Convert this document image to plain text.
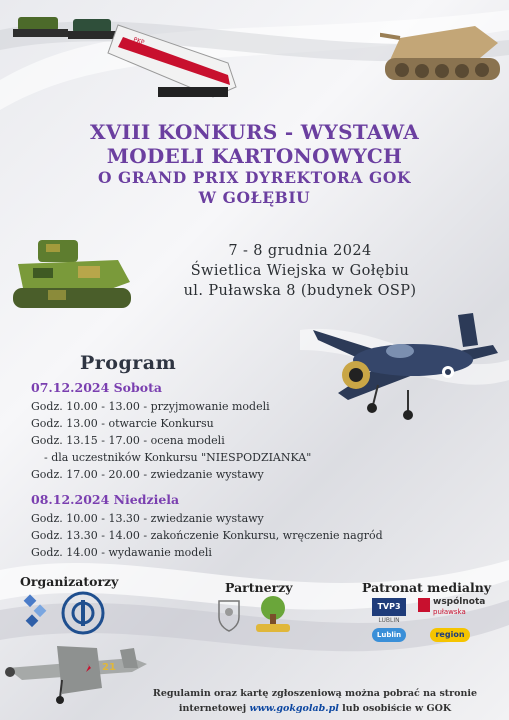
PKP
XVIII KONKURS - WYSTAWA
MODELI KARTONOWYCH
O GRAND PRIX DYREKTORA GOK
W GOŁĘBIU
7 - 8 grudnia 2024
Świetlica Wiejska w Gołębiu
ul. Puławska 8 (budynek OSP)
Program
07.12.2024 Sobota
Godz. 10.00 - 13.00 - przyjmowanie modeli
Godz. 13.00 - otwarcie Konkursu
Godz. 13.15 - 17.00 - ocena modeli
- dla uczestników Konkursu "NIESPODZIANKA"
Godz. 17.00 - 20.00 - zwiedzanie wystawy
08.12.2024 Niedziela
Godz. 10.00 - 13.30 - zwiedzanie wystawy
Godz. 13.30 - 14.00 - zakończenie Konkursu, wręczenie nagród
Godz. 14.00 - wydawanie modeli
Organizatorzy	Partnerzy	Patronat medialny
TVP3
LUBLIN
wspólnota
puławska
Lublin	region
21
Regulamin oraz kartę zgłoszeniową można pobrać na stronie
internetowej www.gokgolab.pl lub osobiście w GOK
